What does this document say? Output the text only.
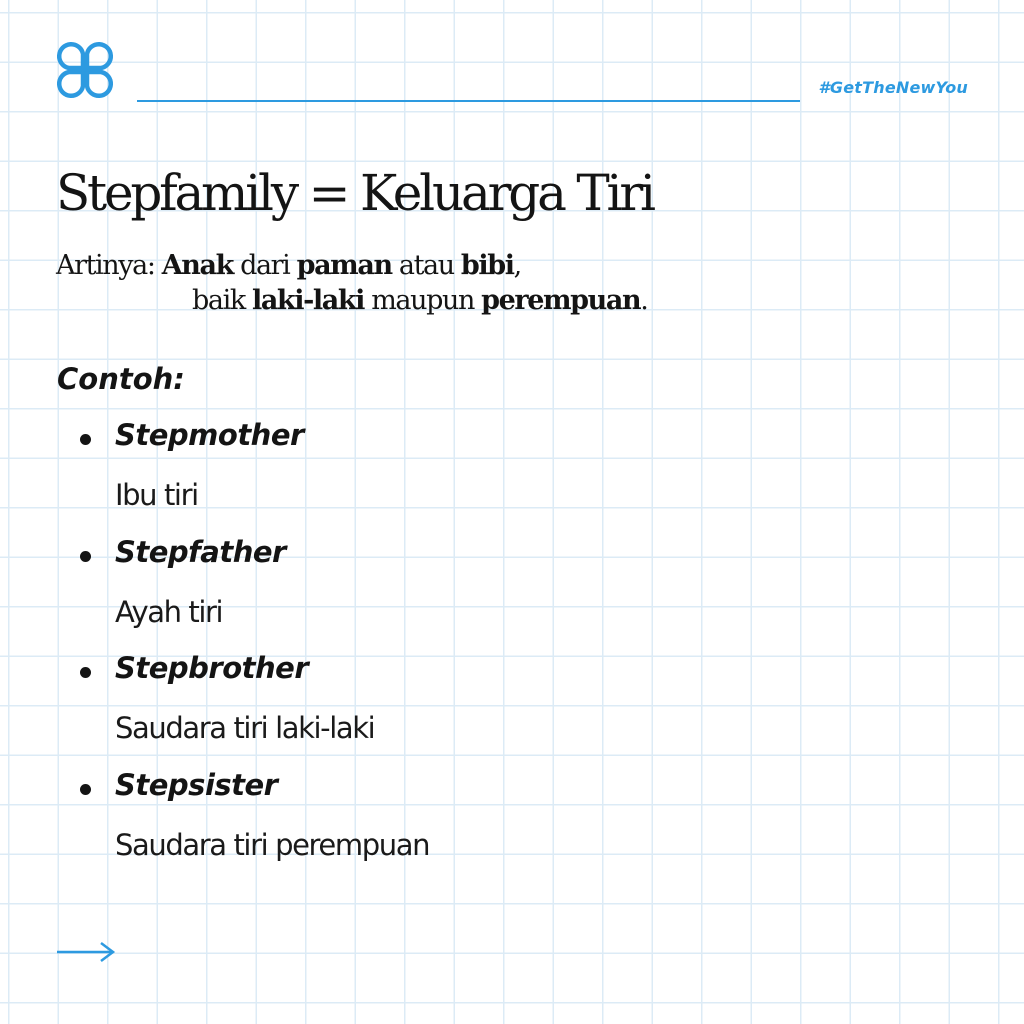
#GetTheNewYou
Stepfamily = Keluarga Tiri
Artinya: Anak dari paman atau bibi,
baik laki-laki maupun perempuan.
Contoh:
Stepmother
Ibu tiri
Stepfather
Ayah tiri
Stepbrother
Saudara tiri laki-laki
Stepsister
Saudara tiri perempuan
